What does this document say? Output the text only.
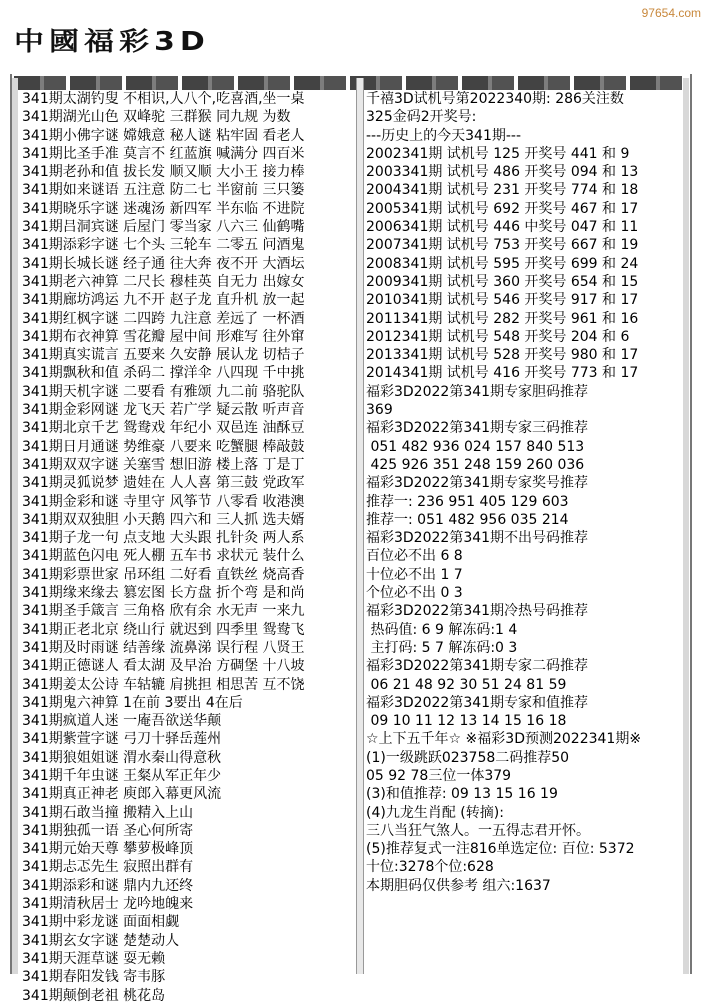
97654.com
中國福彩3D
341期太湖钓叟 不相识,人八个,吃喜酒,坐一桌
341期湖光山色 双峰驼 三群猴 同九规 为数
341期小佛字谜 嫦娥意 秘人谜 粘牢固 看老人
341期比圣手准 莫言不 红蓝旗 喊满分 四百米
341期老孙和值 拔长发 顺又顺 大小王 接力棒
341期如来谜语 五注意 防二七 半窗前 三只篓
341期晓乐字谜 迷魂汤 新四军 半东临 不进院
341期吕洞宾谜 后屋门 零当家 八六三 仙鹤嘴
341期添彩字谜 七个头 三轮车 二零五 问酒鬼
341期长城长谜 经子通 往大奔 夜不开 大酒坛
341期老六神算 二尺长 穆桂英 自无力 出嫁女
341期廊坊鸿运 九不开 赵子龙 直升机 放一起
341期红枫字谜 二四跨 九注意 差远了 一杯酒
341期布衣神算 雪花瓣 屋中间 形难写 往外窜
341期真实谎言 五要来 久安静 展认龙 切桔子
341期飘秋和值 杀码二 撑洋伞 八四现 千中挑
341期天机字谜 二要看 有雅颂 九二前 骆驼队
341期金彩网谜 龙飞天 若广学 疑云散 听声音
341期北京千艺 鸳鸯戏 年纪小 双邑连 油酥豆
341期日月通谜 势维豪 八要来 吃蟹腿 棒敲鼓
341期双双字谜 关塞雪 想旧游 楼上落 丁是丁
341期灵狐说梦 遗娃在 人人喜 第三鼓 党政军
341期金彩和谜 寺里守 风筝节 八零看 收港澳
341期双双独胆 小天鹅 四六和 三人抓 选夫婿
341期子龙一句 点支地 大头跟 扎针灸 两人系
341期蓝色闪电 死人棚 五车书 求状元 装什么
341期彩票世家 吊环组 二好看 直铁丝 烧高香
341期缘来缘去 篡宏图 长方盘 折个弯 是和尚
341期圣手箴言 三角格 欣有余 水无声 一来九
341期正老北京 绕山行 就迟到 四季里 鸳鸯飞
341期及时雨谜 结善缘 流鼻涕 误行程 八贤王
341期正德谜人 看太湖 及早治 方碉堡 十八坡
341期姜太公诗 车轱辘 肩挑担 相思苦 互不饶
341期鬼六神算 1在前 3要出 4在后
341期疯道人迷 一庵吾欲送华颠
341期紫萱字谜 弓刀十驿岳莲州
341期狼姐姐谜 渭水秦山得意秋
341期千年虫谜 王粲从军正年少
341期真正神老 庾郎入幕更风流
341期石敢当撞 搬精入上山
341期独孤一语 圣心何所寄
341期元始天尊 攀萝极峰顶
341期忐忑先生 寂照出群有
341期添彩和谜 鼎内九还终
341期清秋居士 龙吟地魄来
341期中彩龙谜 面面相觑
341期玄女字谜 楚楚动人
341期天涯草谜 耍无赖
341期春阳发钱 寄韦豚
341期颠倒老祖 桃花岛
千禧3D试机号第2022340期: 286关注数
325金码2开奖号:
---历史上的今天341期---
2002341期 试机号 125 开奖号 441 和 9
2003341期 试机号 486 开奖号 094 和 13
2004341期 试机号 231 开奖号 774 和 18
2005341期 试机号 692 开奖号 467 和 17
2006341期 试机号 446 中奖号 047 和 11
2007341期 试机号 753 开奖号 667 和 19
2008341期 试机号 595 开奖号 699 和 24
2009341期 试机号 360 开奖号 654 和 15
2010341期 试机号 546 开奖号 917 和 17
2011341期 试机号 282 开奖号 961 和 16
2012341期 试机号 548 开奖号 204 和 6
2013341期 试机号 528 开奖号 980 和 17
2014341期 试机号 416 开奖号 773 和 17
福彩3D2022第341期专家胆码推荐
369
福彩3D2022第341期专家三码推荐
051 482 936 024 157 840 513
425 926 351 248 159 260 036
福彩3D2022第341期专家奖号推荐
推荐一: 236 951 405 129 603
推荐一: 051 482 956 035 214
福彩3D2022第341期不出号码推荐
百位必不出 6 8
十位必不出 1 7
个位必不出 0 3
福彩3D2022第341期冷热号码推荐
热码值: 6 9 解冻码:1 4
主打码: 5 7 解冻码:0 3
福彩3D2022第341期专家二码推荐
06 21 48 92 30 51 24 81 59
福彩3D2022第341期专家和值推荐
09 10 11 12 13 14 15 16 18
☆上下五千年☆ ※福彩3D预测2022341期※
(1)一级跳跃023758二码推荐50
05 92 78三位一体379
(3)和值推荐: 09 13 15 16 19
(4)九龙生肖配 (转摘):
三八当狂气煞人。一五得志君开怀。
(5)推荐复式一注816单选定位: 百位: 5372
十位:3278个位:628
本期胆码仅供参考 组六:1637
